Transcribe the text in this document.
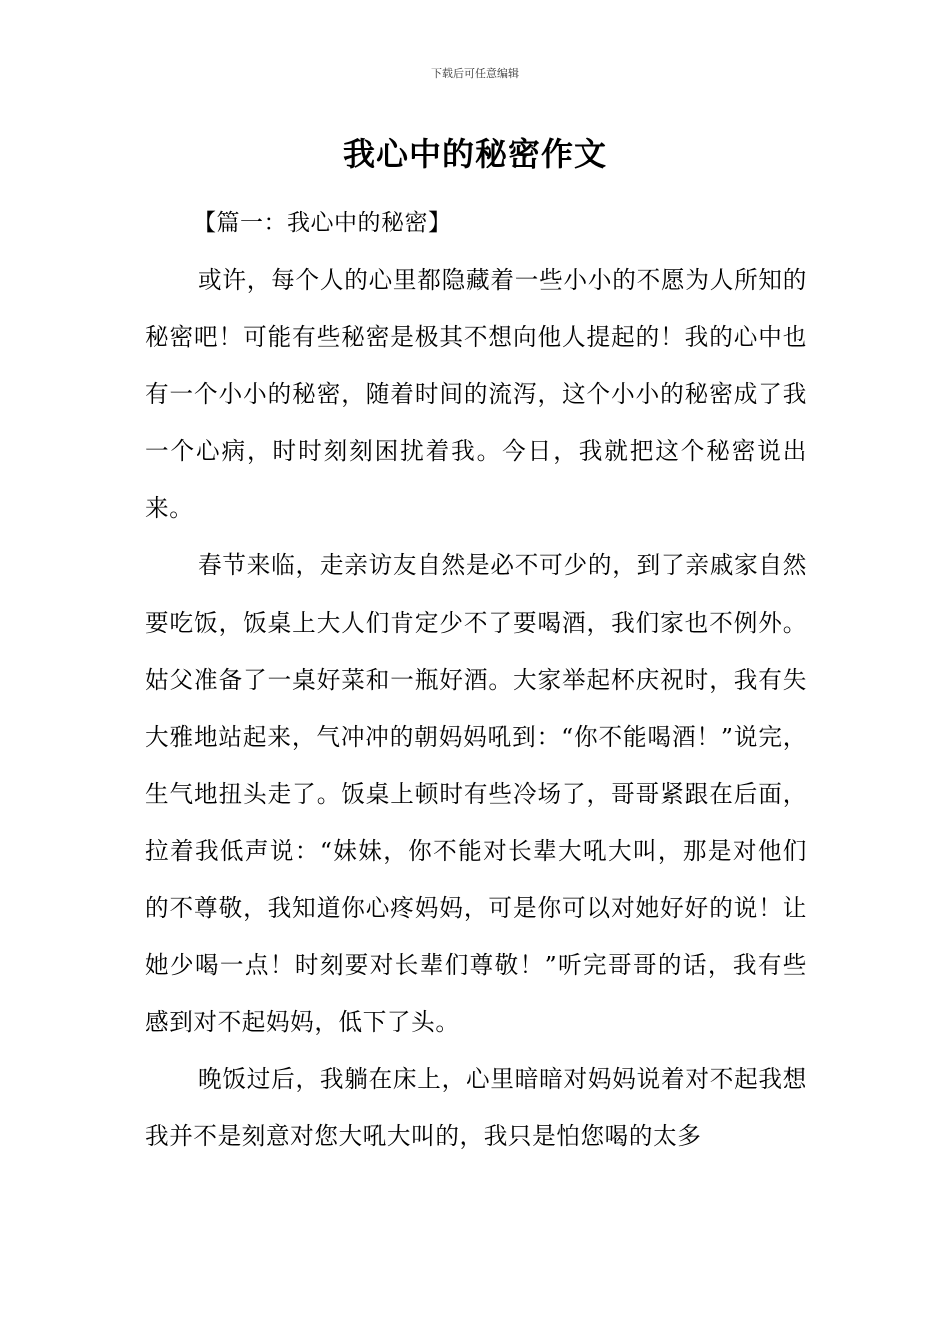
下载后可任意编辑
我心中的秘密作文

【篇一：我心中的秘密】

或许，每个人的心里都隐藏着一些小小的不愿为人所知的秘密吧！可能有些秘密是极其不想向他人提起的！我的心中也有一个小小的秘密，随着时间的流泻，这个小小的秘密成了我一个心病，时时刻刻困扰着我。今日，我就把这个秘密说出来。

春节来临，走亲访友自然是必不可少的，到了亲戚家自然要吃饭，饭桌上大人们肯定少不了要喝酒，我们家也不例外。姑父准备了一桌好菜和一瓶好酒。大家举起杯庆祝时，我有失大雅地站起来，气冲冲的朝妈妈吼到：“你不能喝酒！”说完，生气地扭头走了。饭桌上顿时有些冷场了，哥哥紧跟在后面，拉着我低声说：“妹妹，你不能对长辈大吼大叫，那是对他们的不尊敬，我知道你心疼妈妈，可是你可以对她好好的说！让她少喝一点！时刻要对长辈们尊敬！”听完哥哥的话，我有些感到对不起妈妈，低下了头。

晚饭过后，我躺在床上，心里暗暗对妈妈说着对不起我想我并不是刻意对您大吼大叫的，我只是怕您喝的太多
